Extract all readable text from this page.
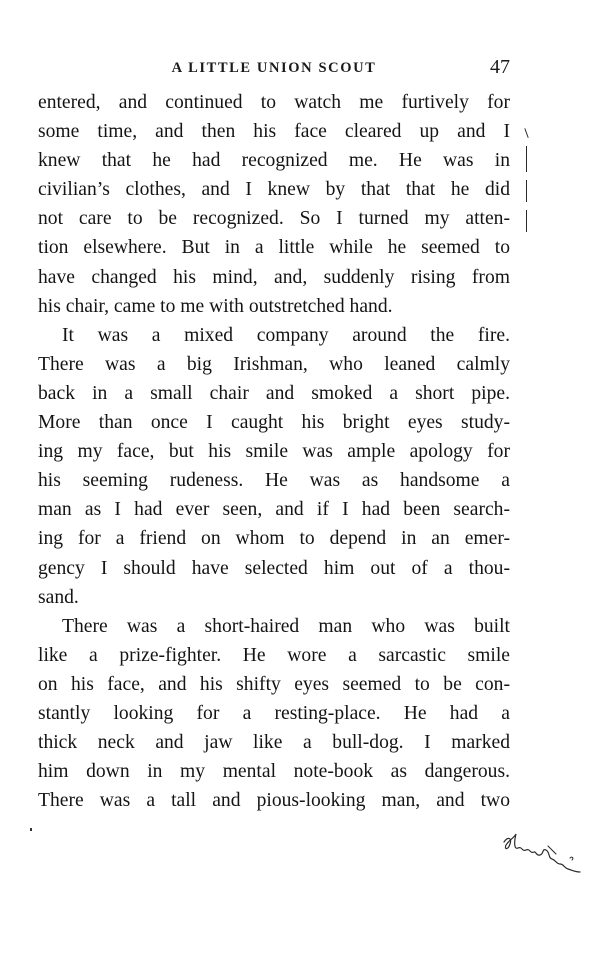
A LITTLE UNION SCOUT	47
entered, and continued to watch me furtively for
some time, and then his face cleared up and I
knew that he had recognized me. He was in
civilian’s clothes, and I knew by that that he did
not care to be recognized. So I turned my atten-
tion elsewhere. But in a little while he seemed to
have changed his mind, and, suddenly rising from
his chair, came to me with outstretched hand.
It was a mixed company around the fire.
There was a big Irishman, who leaned calmly
back in a small chair and smoked a short pipe.
More than once I caught his bright eyes study-
ing my face, but his smile was ample apology for
his seeming rudeness. He was as handsome a
man as I had ever seen, and if I had been search-
ing for a friend on whom to depend in an emer-
gency I should have selected him out of a thou-
sand.
There was a short-haired man who was built
like a prize-fighter. He wore a sarcastic smile
on his face, and his shifty eyes seemed to be con-
stantly looking for a resting-place. He had a
thick neck and jaw like a bull-dog. I marked
him down in my mental note-book as dangerous.
There was a tall and pious-looking man, and two
